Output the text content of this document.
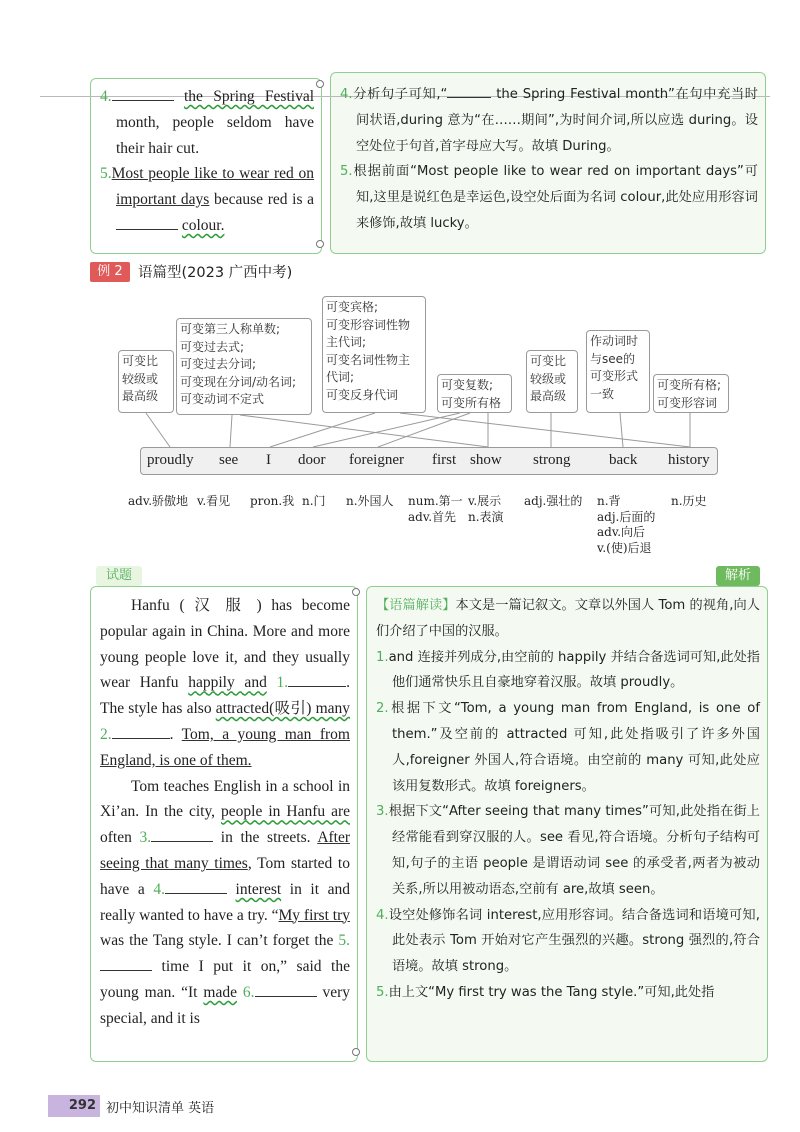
4.	the Spring Festival month, people seldom have their hair cut.

5.Most people like to wear red on important days because red is a  colour.

4.分析句子可知,“	the Spring Festival month”在句中充当时间状语,during 意为“在……期间”,为时间介词,所以应选 during。设空处位于句首,首字母应大写。故填 During。

5.根据前面“Most people like to wear red on important days”可知,这里是说红色是幸运色,设空处后面为名词 colour,此处应用形容词来修饰,故填 lucky。

例 2	语篇型(2023 广西中考)
可变比
较级或
最高级
可变第三人称单数;
可变过去式;
可变过去分词;
可变现在分词/动名词;
可变动词不定式
可变宾格;
可变形容词性物
主代词;
可变名词性物主
代词;
可变反身代词
可变复数;
可变所有格
可变比
较级或
最高级
作动词时
与see的
可变形式
一致
可变所有格;
可变形容词
proudly see I door foreigner first show strong	back history
adv.骄傲地 v.看见 pron.我 n.门 n.外国人 num.第一
adv.首先
v.展示
n.表演
adj.强壮的 n.背
adj.后面的
adv.向后
v.(使)后退
n.历史
试题	解析

Hanfu ( 汉 服 ) has become popular again in China. More and more young people love it, and they usually wear Hanfu happily and 1.	. The style has also attracted(吸引) many 2.	. Tom, a young man from England, is one of them.

Tom teaches English in a school in Xi’an. In the city, people in Hanfu are often 3.	in the streets. After seeing that many times, Tom started to have a 4.	interest in it and really wanted to have a try. “My first try was the Tang style. I can’t forget the 5. time I put it on,” said the young man. “It made 6.	very special, and it is

【语篇解读】本文是一篇记叙文。文章以外国人 Tom 的视角,向人们介绍了中国的汉服。

1.and 连接并列成分,由空前的 happily 并结合备选词可知,此处指他们通常快乐且自豪地穿着汉服。故填 proudly。

2.根据下文“Tom, a young man from England, is one of them.”及空前的 attracted 可知,此处指吸引了许多外国人,foreigner 外国人,符合语境。由空前的 many 可知,此处应该用复数形式。故填 foreigners。

3.根据下文“After seeing that many times”可知,此处指在街上经常能看到穿汉服的人。see 看见,符合语境。分析句子结构可知,句子的主语 people 是谓语动词 see 的承受者,两者为被动关系,所以用被动语态,空前有 are,故填 seen。

4.设空处修饰名词 interest,应用形容词。结合备选词和语境可知,此处表示 Tom 开始对它产生强烈的兴趣。strong 强烈的,符合语境。故填 strong。

5.由上文“My first try was the Tang style.”可知,此处指

292 初中知识清单 英语
